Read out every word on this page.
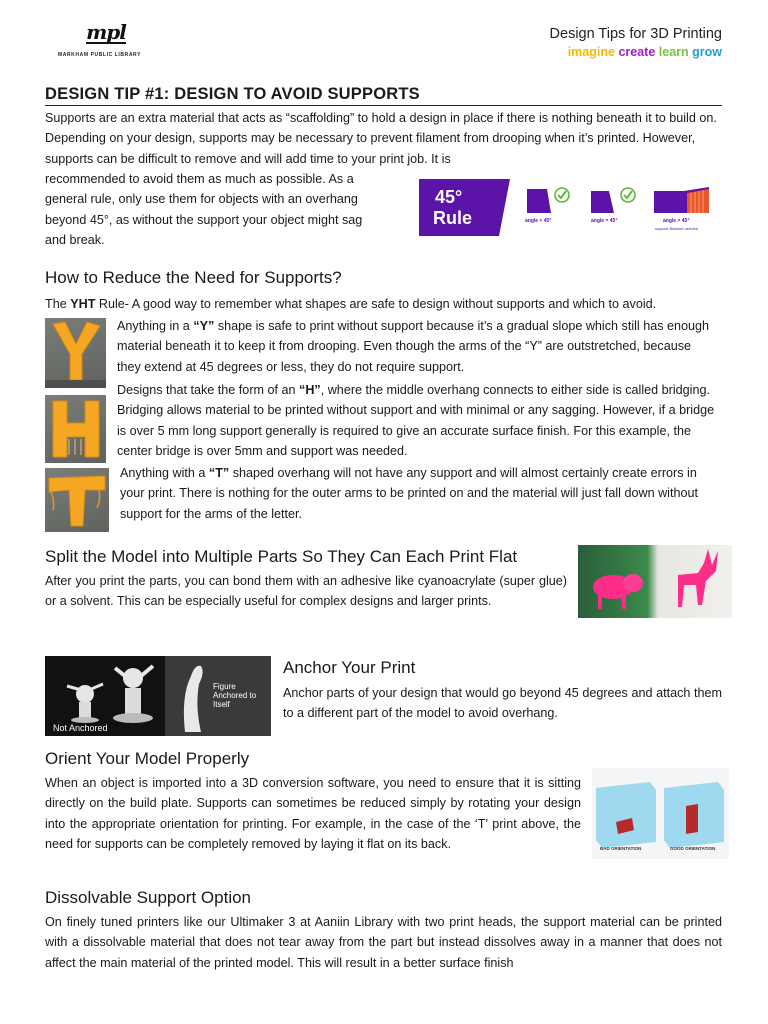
mpl
MARKHAM PUBLIC LIBRARY
Design Tips for 3D Printing
imagine create learn grow
DESIGN TIP #1: DESIGN TO AVOID SUPPORTS

Supports are an extra material that acts as “scaffolding” to hold a design in place if there is nothing beneath it to build on. Depending on your design, supports may be necessary to prevent filament from drooping when it’s printed. However, supports can be difficult to remove and will add time to your print job. It is

recommended to avoid them as much as possible. As a
general rule, only use them for objects with an overhang
beyond 45°, as without the support your object might sag
and break.
45°
Rule	angle < 45°	angle = 45°	angle > 45°
support filament needed
How to Reduce the Need for Supports?

The YHT Rule- A good way to remember what shapes are safe to design without supports and which to avoid.

Anything in a “Y” shape is safe to print without support because it’s a gradual slope which still has enough material beneath it to keep it from drooping. Even though the arms of the “Y” are outstretched, because they extend at 45 degrees or less, they do not require support.

Designs that take the form of an “H”, where the middle overhang connects to either side is called bridging. Bridging allows material to be printed without support and with minimal or any sagging. However, if a bridge is over 5 mm long support generally is required to give an accurate surface finish. For this example, the center bridge is over 5mm and support was needed.

Anything with a “T” shaped overhang will not have any support and will almost certainly create errors in your print. There is nothing for the outer arms to be printed on and the material will just fall down without support for the arms of the letter.

Split the Model into Multiple Parts So They Can Each Print Flat

After you print the parts, you can bond them with an adhesive like cyanoacrylate (super glue) or a solvent. This can be especially useful for complex designs and larger prints.

Not Anchored
Figure Anchored to Itself
Anchor Your Print

Anchor parts of your design that would go beyond 45 degrees and attach them to a different part of the model to avoid overhang.

Orient Your Model Properly

When an object is imported into a 3D conversion software, you need to ensure that it is sitting directly on the build plate. Supports can sometimes be reduced simply by rotating your design into the appropriate orientation for printing. For example, in the case of the ‘T’ print above, the need for supports can be completely removed by laying it flat on its back.	BAD ORIENTATION	GOOD ORIENTATION
Dissolvable Support Option

On finely tuned printers like our Ultimaker 3 at Aaniin Library with two print heads, the support material can be printed with a dissolvable material that does not tear away from the part but instead dissolves away in a manner that does not affect the main material of the printed model. This will result in a better surface finish
